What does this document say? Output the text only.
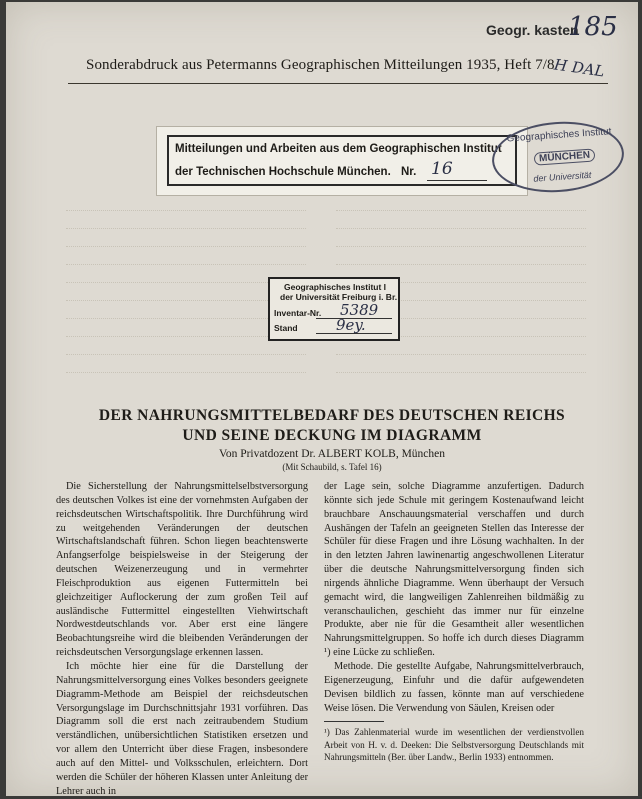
Geogr. kasten
185
H DAL
Sonderabdruck aus Petermanns Geographischen Mitteilungen 1935, Heft 7/8
Mitteilungen und Arbeiten aus dem Geographischen Institut
der Technischen Hochschule München. Nr. 16
Geographisches Institut
MÜNCHEN
der Universität
Geographisches Institut I
der Universität Freiburg i. Br.
Inventar-Nr. 5389
Stand	9ey.
DER NAHRUNGSMITTELBEDARF DES DEUTSCHEN REICHS
UND SEINE DECKUNG IM DIAGRAMM
Von Privatdozent Dr. ALBERT KOLB, München
(Mit Schaubild, s. Tafel 16)

Die Sicherstellung der Nahrungsmittelselbstversorgung des deutschen Volkes ist eine der vornehmsten Aufgaben der reichsdeutschen Wirtschaftspolitik. Ihre Durchführung wird zu weitgehenden Veränderungen der deutschen Wirtschaftslandschaft führen. Schon liegen beachtenswerte Anfangserfolge beispielsweise in der Steigerung der deutschen Weizenerzeugung und in vermehrter Fleischproduktion aus eigenen Futtermitteln bei gleichzeitiger Auflockerung der zum großen Teil auf ausländische Futtermittel eingestellten Viehwirtschaft Nordwestdeutschlands vor. Aber erst eine längere Beobachtungsreihe wird die bleibenden Veränderungen der reichsdeutschen Versorgungslage erkennen lassen.

Ich möchte hier eine für die Darstellung der Nahrungsmittelversorgung eines Volkes besonders geeignete Diagramm-Methode am Beispiel der reichsdeutschen Versorgungslage im Durchschnittsjahr 1931 vorführen. Das Diagramm soll die erst nach zeitraubendem Studium verständlichen, unübersichtlichen Statistiken ersetzen und vor allem den Unterricht über diese Fragen, insbesondere auch auf den Mittel- und Volksschulen, erleichtern. Dort werden die Schüler der höheren Klassen unter Anleitung der Lehrer auch in

der Lage sein, solche Diagramme anzufertigen. Dadurch könnte sich jede Schule mit geringem Kostenaufwand leicht brauchbare Anschauungsmaterial verschaffen und durch Aushängen der Tafeln an geeigneten Stellen das Interesse der Schüler für diese Fragen und ihre Lösung wachhalten. In der in den letzten Jahren lawinenartig angeschwollenen Literatur über die deutsche Nahrungsmittelversorgung finden sich nirgends ähnliche Diagramme. Wenn überhaupt der Versuch gemacht wird, die langweiligen Zahlenreihen bildmäßig zu veranschaulichen, geschieht das immer nur für einzelne Produkte, aber nie für die Gesamtheit aller wesentlichen Nahrungsmittelgruppen. So hoffe ich durch dieses Diagramm ¹) eine Lücke zu schließen.

Methode. Die gestellte Aufgabe, Nahrungsmittelverbrauch, Eigenerzeugung, Einfuhr und die dafür aufgewendeten Devisen bildlich zu fassen, könnte man auf verschiedene Weise lösen. Die Verwendung von Säulen, Kreisen oder

¹) Das Zahlenmaterial wurde im wesentlichen der verdienstvollen Arbeit von H. v. d. Deeken: Die Selbstversorgung Deutschlands mit Nahrungsmitteln (Ber. über Landw., Berlin 1933) entnommen.
